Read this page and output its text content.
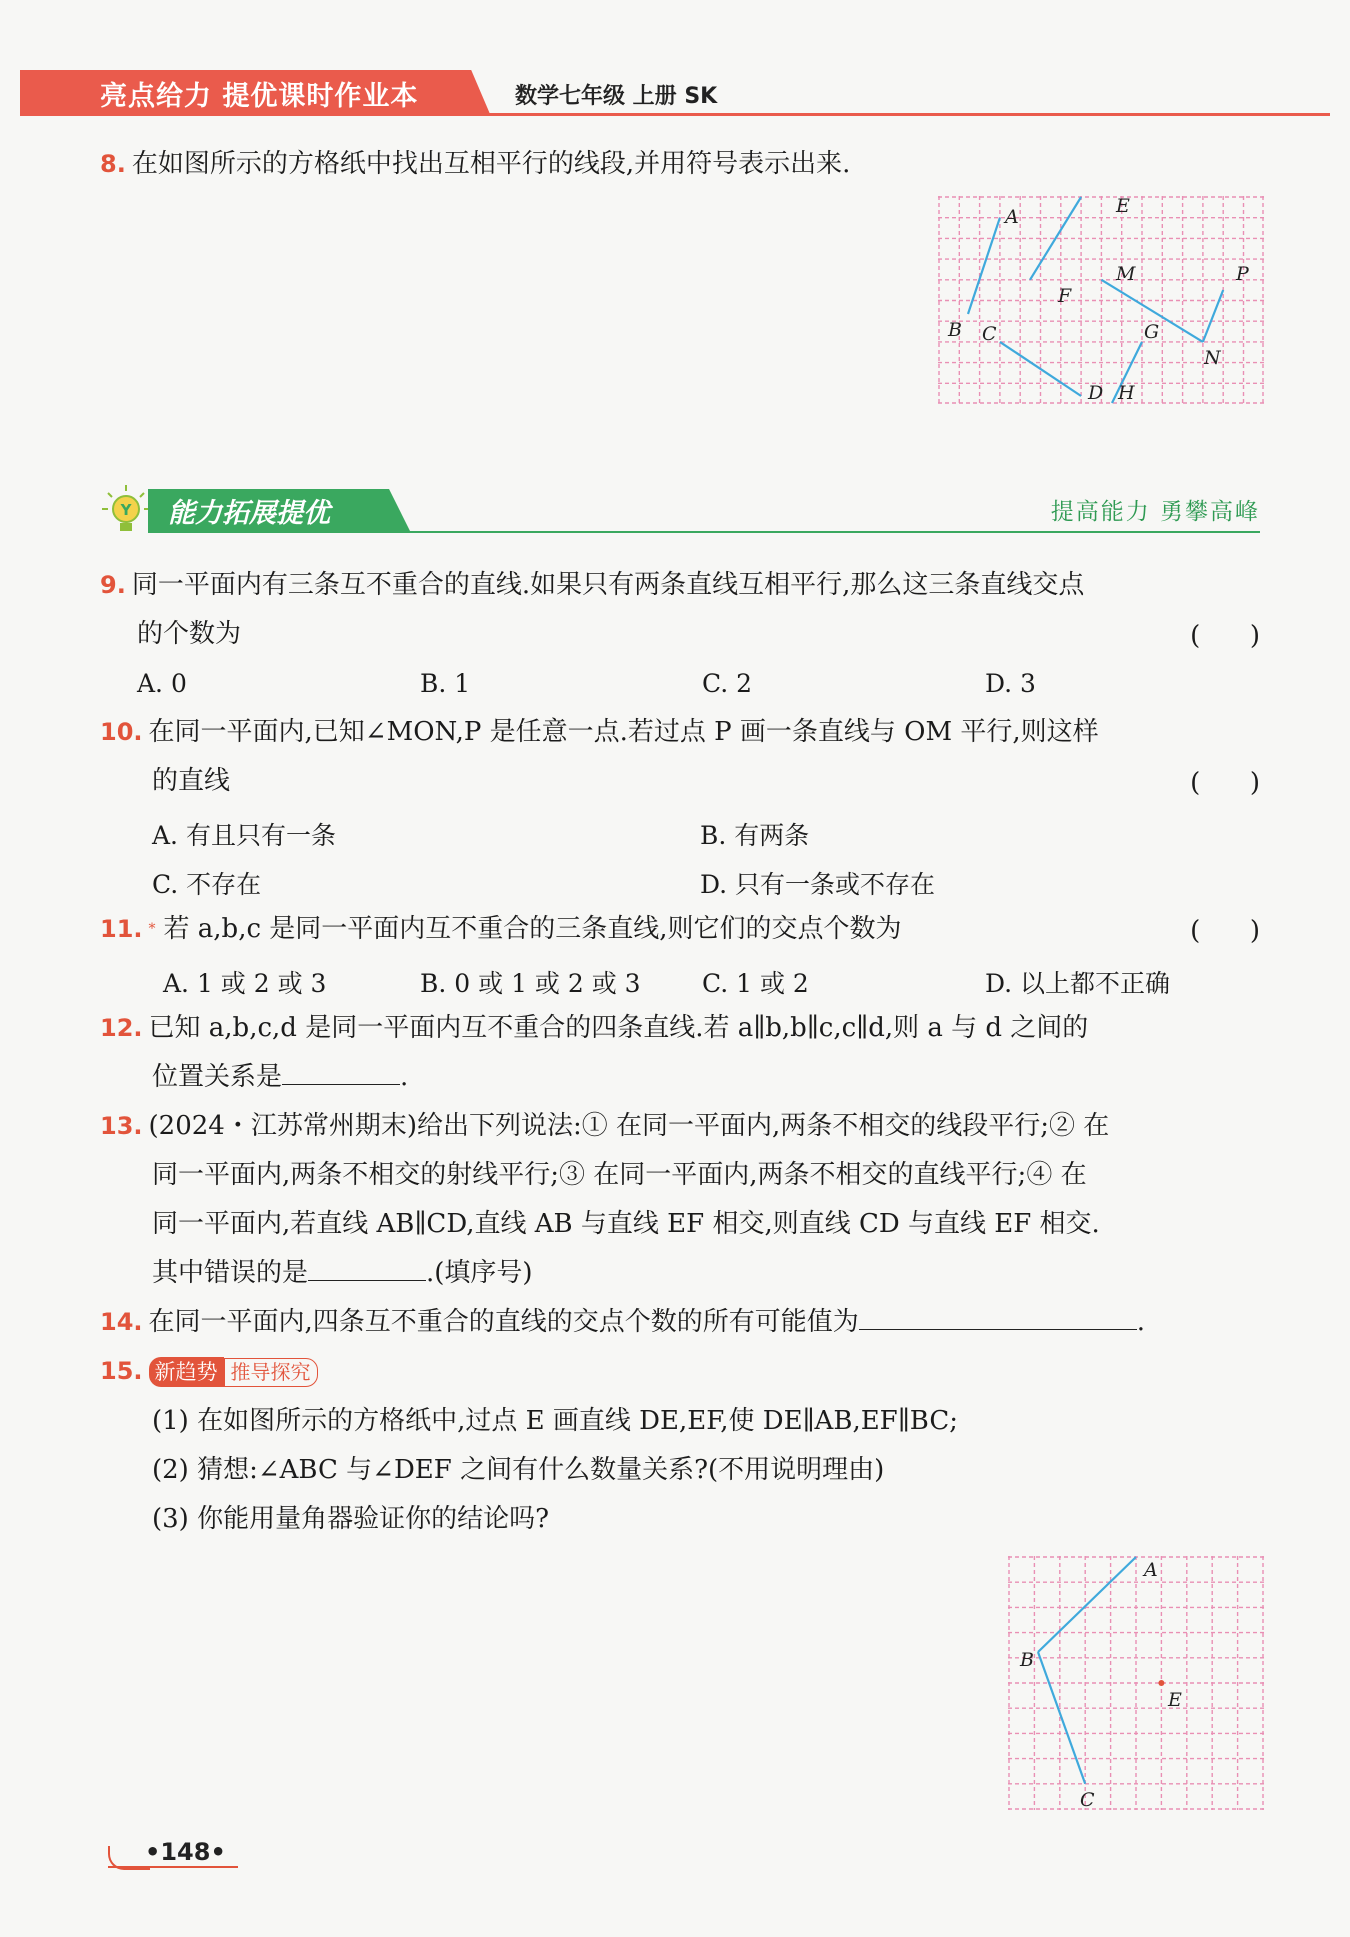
亮点给力 提优课时作业本	数学七年级 上册 SK
8. 在如图所示的方格纸中找出互相平行的线段,并用符号表示出来.
A	E
F
M	P
B C	G
N
D H
Y 能力拓展提优	提高能力 勇攀高峰
9. 同一平面内有三条互不重合的直线.如果只有两条直线互相平行,那么这三条直线交点
的个数为	(      )
A. 0	B. 1	C. 2	D. 3
10. 在同一平面内,已知∠MON,P 是任意一点.若过点 P 画一条直线与 OM 平行,则这样
的直线	(      )
A. 有且只有一条	B. 有两条
C. 不存在	D. 只有一条或不存在
11. * 若 a,b,c 是同一平面内互不重合的三条直线,则它们的交点个数为	(      )
A. 1 或 2 或 3	B. 0 或 1 或 2 或 3 C. 1 或 2	D. 以上都不正确
12. 已知 a,b,c,d 是同一平面内互不重合的四条直线.若 a∥b,b∥c,c∥d,则 a 与 d 之间的
位置关系是	.
13. (2024・江苏常州期末)给出下列说法:① 在同一平面内,两条不相交的线段平行;② 在
同一平面内,两条不相交的射线平行;③ 在同一平面内,两条不相交的直线平行;④ 在
同一平面内,若直线 AB∥CD,直线 AB 与直线 EF 相交,则直线 CD 与直线 EF 相交.
其中错误的是	.(填序号)
14. 在同一平面内,四条互不重合的直线的交点个数的所有可能值为	.
15. 新趋势 推导探究
(1) 在如图所示的方格纸中,过点 E 画直线 DE,EF,使 DE∥AB,EF∥BC;
(2) 猜想:∠ABC 与∠DEF 之间有什么数量关系?(不用说明理由)
(3) 你能用量角器验证你的结论吗?
A
B
E
C
•148•
